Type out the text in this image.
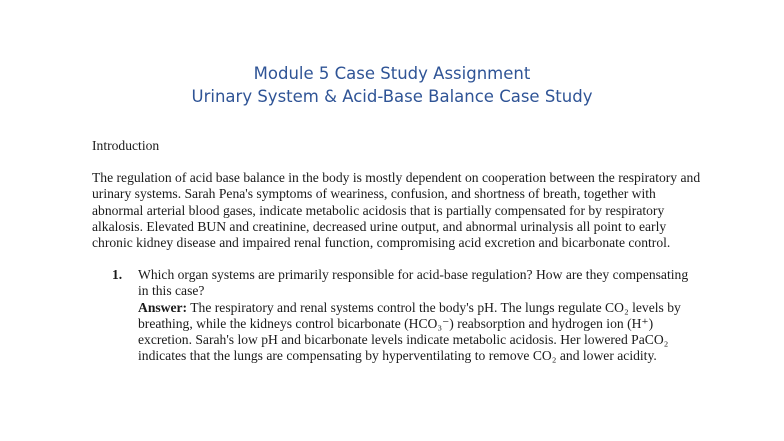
Module 5 Case Study Assignment
Urinary System & Acid-Base Balance Case Study

Introduction

The regulation of acid base balance in the body is mostly dependent on cooperation between the respiratory and urinary systems. Sarah Pena's symptoms of weariness, confusion, and shortness of breath, together with abnormal arterial blood gases, indicate metabolic acidosis that is partially compensated for by respiratory alkalosis. Elevated BUN and creatinine, decreased urine output, and abnormal urinalysis all point to early chronic kidney disease and impaired renal function, compromising acid excretion and bicarbonate control.

1. Which organ systems are primarily responsible for acid-base regulation? How are they compensating in this case?
Answer: The respiratory and renal systems control the body's pH. The lungs regulate CO₂ levels by breathing, while the kidneys control bicarbonate (HCO₃⁻) reabsorption and hydrogen ion (H⁺) excretion. Sarah's low pH and bicarbonate levels indicate metabolic acidosis. Her lowered PaCO₂ indicates that the lungs are compensating by hyperventilating to remove CO₂ and lower acidity.
